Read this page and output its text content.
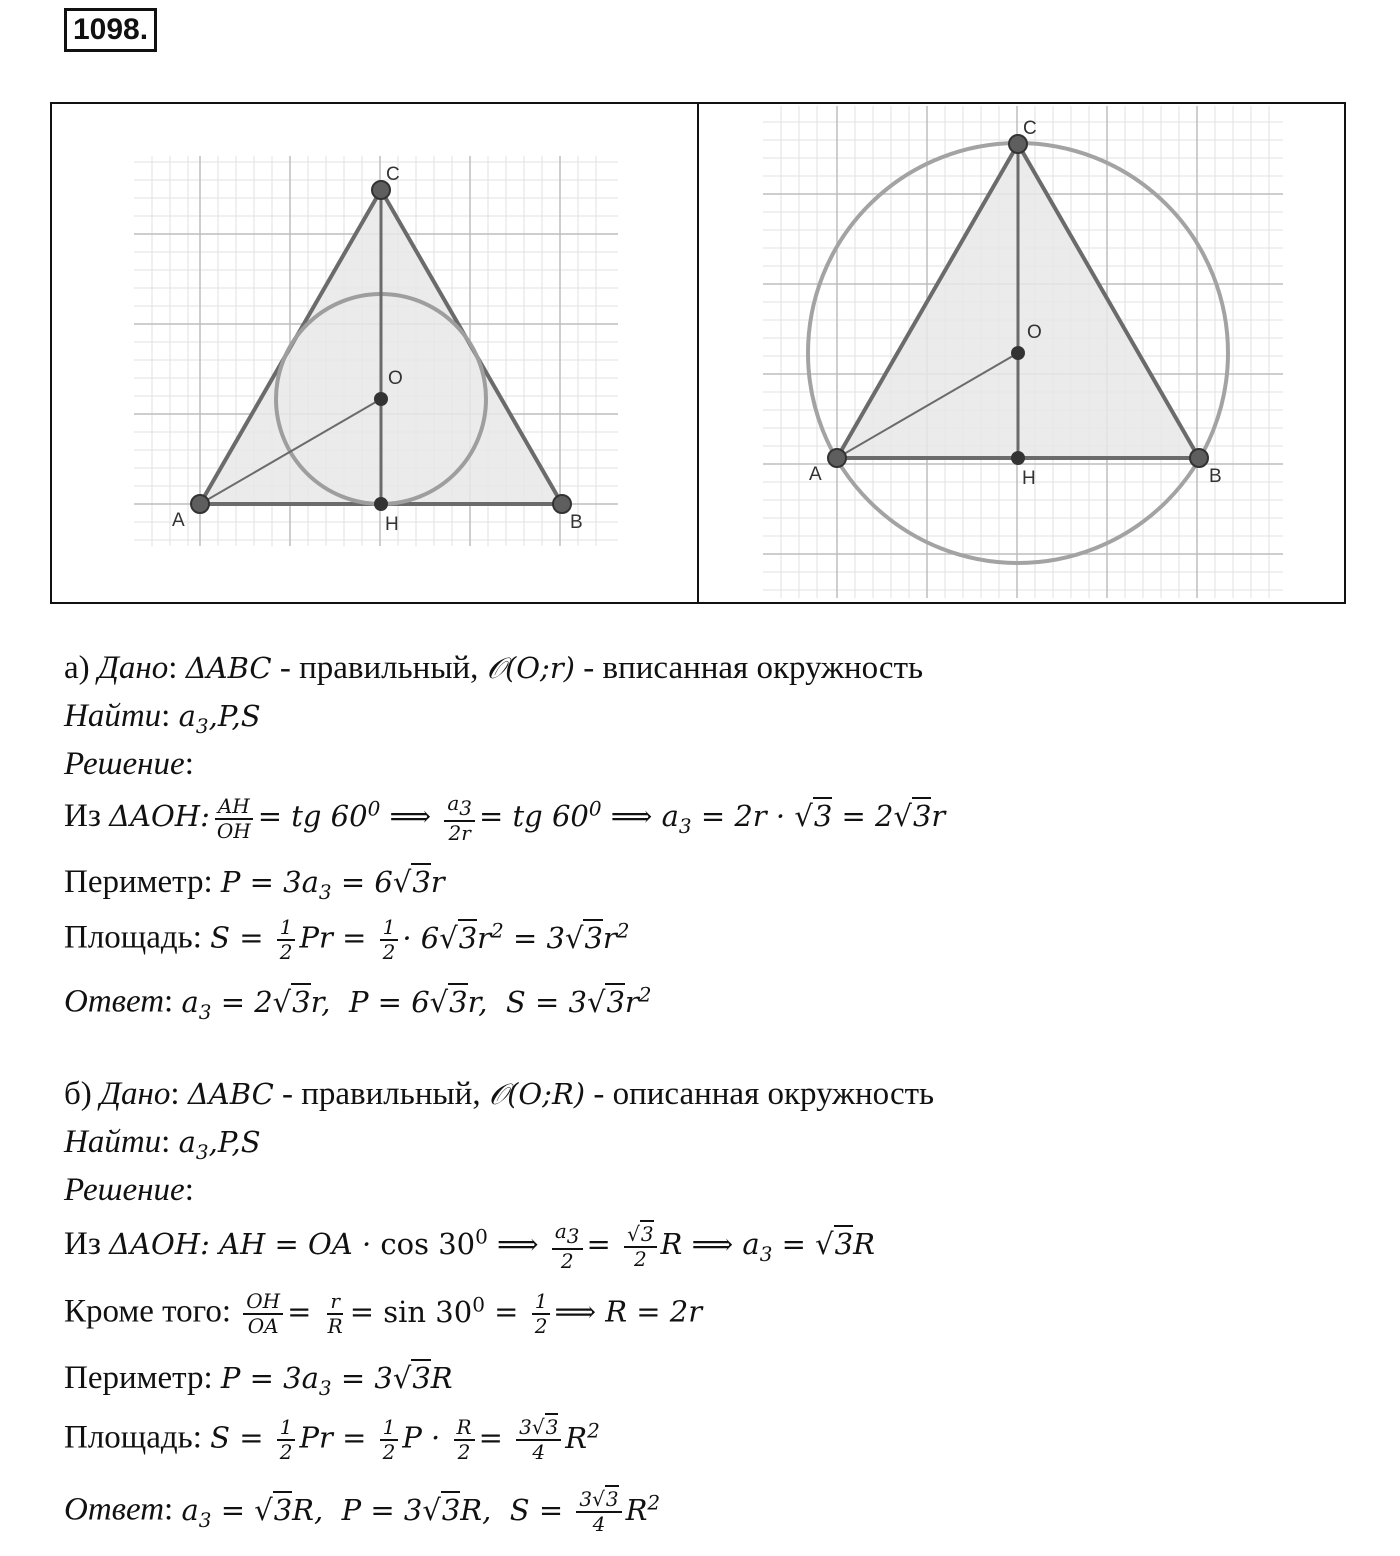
1098.
A	B
C
O
H
A	B
C
O
H
а) Дано: ΔABC - правильный, 𝒪(O;r) - вписанная окружность
Найти: $a_3,P,S$
Решение:
Из ΔAOH: $\frac{AH}{OH}$ = tg $60^0$ ⟹ $\frac{a_3}{2r}$ = tg $60^0$ ⟹ $a_3 = 2r \cdot √3 = 2√3r$
Периметр: $P = 3a_3 = 6√3r$
Площадь: $S = \frac{1}{2}$ $Pr = \frac{1}{2} \cdot 6√3r^2 = 3√3r^2$
Ответ: $a_3 = 2√3r$,  P = 6√3r,  $S = 3√3r^2$
б) Дано: ΔABC - правильный, 𝒪(O;R) - описанная окружность
Найти: $a_3,P,S$
Решение:
Из ΔAOH: AH = OA · $\cos 30^0$ ⟹ $\frac{a_3}{2} = \frac{√3}{2}$ R ⟹ $a_3 = √3R$
Кроме того: $\frac{OH}{OA} = \frac{r}{R} = \sin 30^0 = \frac{1}{2}$ ⟹ R = 2r
Периметр: $P = 3a_3 = 3√3R$
Площадь: $S = \frac{1}{2}$ $Pr = \frac{1}{2}$ $P \cdot \frac{R}{2} = \frac{3√3}{4} R^2$
Ответ: $a_3 = √3R$,  P = 3√3R,  $S = \frac{3√3}{4} R^2$
